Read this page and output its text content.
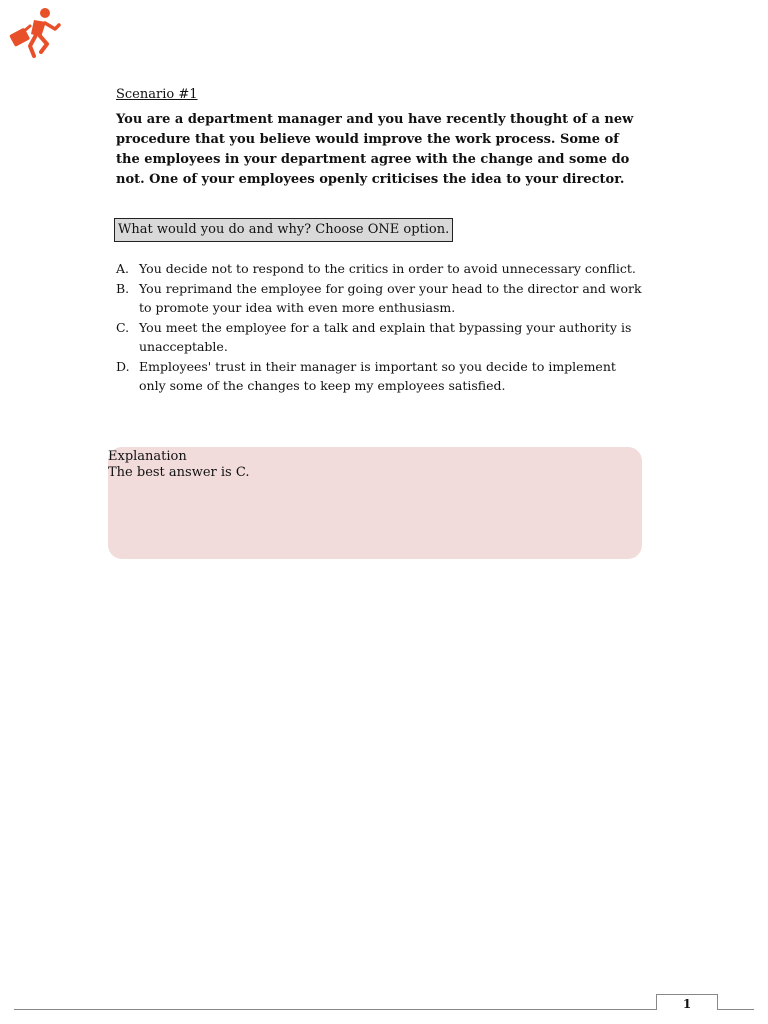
Scenario #1
You are a department manager and you have recently thought of a new procedure that you believe would improve the work process. Some of the employees in your department agree with the change and some do not. One of your employees openly criticises the idea to your director.
What would you do and why? Choose ONE option.
A. You decide not to respond to the critics in order to avoid unnecessary conflict.
B. You reprimand the employee for going over your head to the director and work to promote your idea with even more enthusiasm.
C. You meet the employee for a talk and explain that bypassing your authority is unacceptable.
D. Employees' trust in their manager is important so you decide to implement only some of the changes to keep my employees satisfied.
Explanation
The best answer is C.
1
